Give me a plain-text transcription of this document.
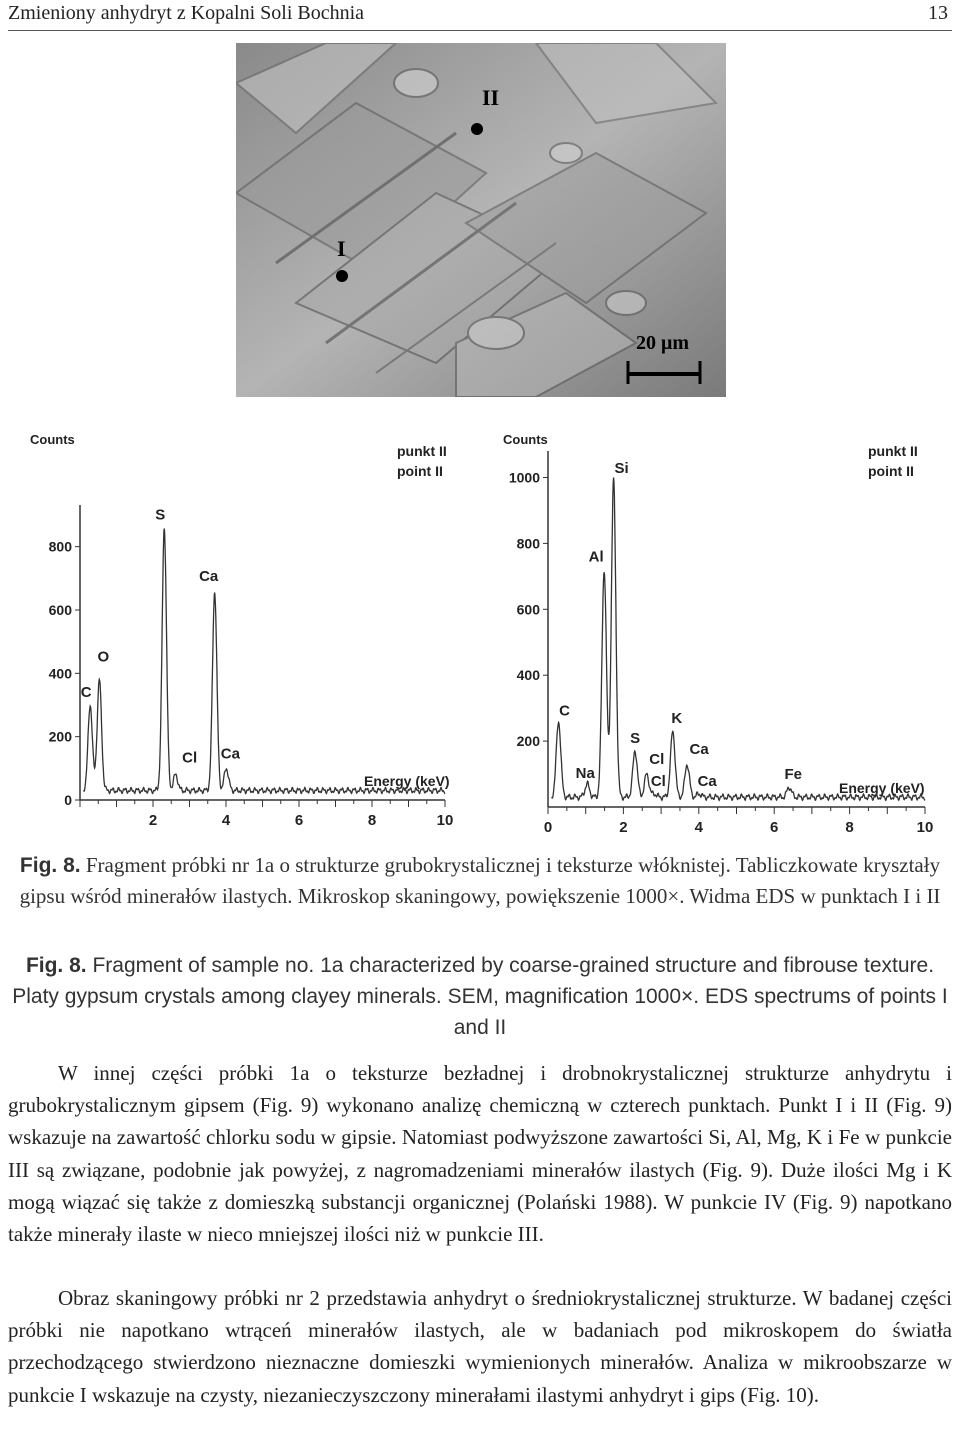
Zmieniony anhydryt z Kopalni Soli Bochnia	13
II
I
20 μm
Counts
punkt II
point II
Energy (keV)
2	4	6	8	10
0
200
400
600
800
C
O
S
Cl
Ca
Ca
Counts
punkt II
point II
Energy (keV)
0	2	4	6	8	10
200
400
600
800
1000
C
Na
Al
Si
S
Cl
K
Ca
Cl Ca	Fe
Fig. 8. Fragment próbki nr 1a o strukturze grubokrystalicznej i teksturze włóknistej. Tabliczkowate kryształy gipsu wśród minerałów ilastych. Mikroskop skaningowy, powiększenie 1000×. Widma EDS w punktach I i II
Fig. 8. Fragment of sample no. 1a characterized by coarse-grained structure and fibrouse texture. Platy gypsum crystals among clayey minerals. SEM, magnification 1000×. EDS spectrums of points I and II
W innej części próbki 1a o teksturze bezładnej i drobnokrystalicznej strukturze anhydrytu i grubokrystalicznym gipsem (Fig. 9) wykonano analizę chemiczną w czterech punktach. Punkt I i II (Fig. 9) wskazuje na zawartość chlorku sodu w gipsie. Natomiast podwyższone zawartości Si, Al, Mg, K i Fe w punkcie III są związane, podobnie jak powyżej, z nagromadzeniami minerałów ilastych (Fig. 9). Duże ilości Mg i K mogą wiązać się także z domieszką substancji organicznej (Polański 1988). W punkcie IV (Fig. 9) napotkano także minerały ilaste w nieco mniejszej ilości niż w punkcie III.
Obraz skaningowy próbki nr 2 przedstawia anhydryt o średniokrystalicznej strukturze. W badanej części próbki nie napotkano wtrąceń minerałów ilastych, ale w badaniach pod mikroskopem do światła przechodzącego stwierdzono nieznaczne domieszki wymienionych minerałów. Analiza w mikroobszarze w punkcie I wskazuje na czysty, niezanieczyszczony minerałami ilastymi anhydryt i gips (Fig. 10).
